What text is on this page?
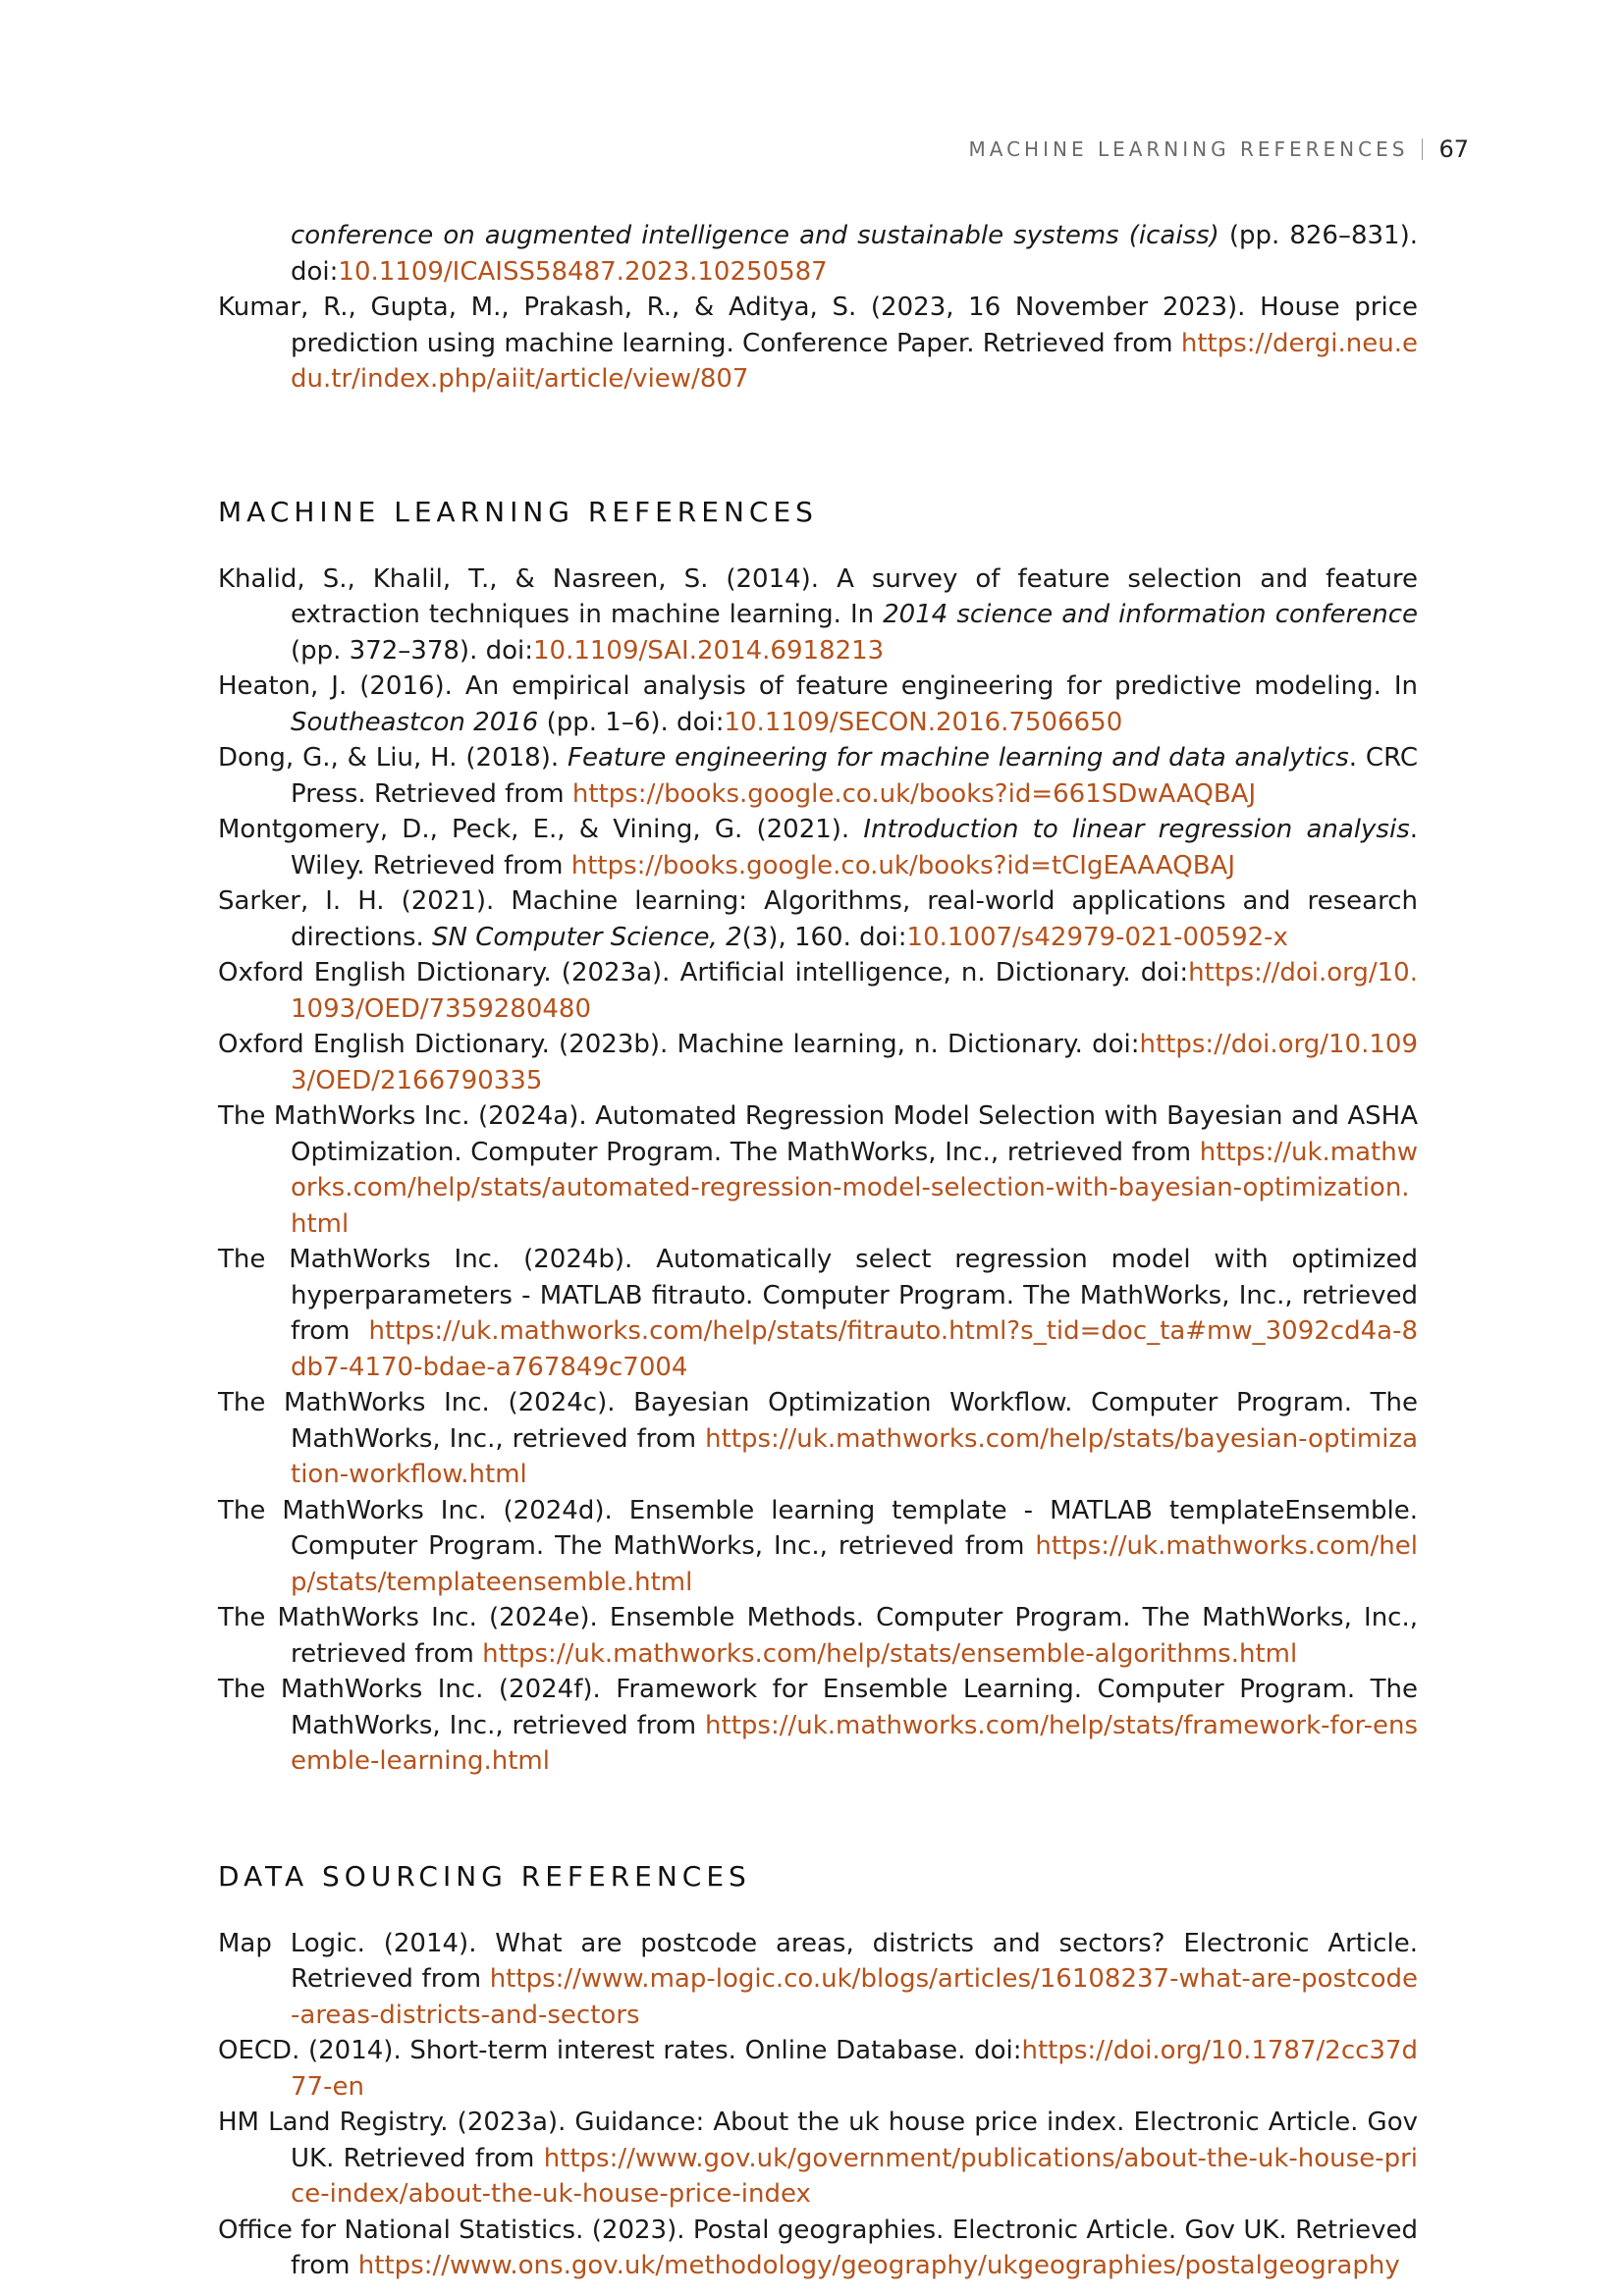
MACHINE LEARNING REFERENCES 67

conference on augmented intelligence and sustainable systems (icaiss) (pp. 826–831). doi:10.1109/ICAISS58487.2023.10250587

Kumar, R., Gupta, M., Prakash, R., & Aditya, S. (2023, 16 November 2023). House price prediction using machine learning. Conference Paper. Retrieved from https://dergi.neu.edu.tr/index.php/aiit/article/view/807

MACHINE LEARNING REFERENCES

Khalid, S., Khalil, T., & Nasreen, S. (2014). A survey of feature selection and feature extraction techniques in machine learning. In 2014 science and information conference (pp. 372–378). doi:10.1109/SAI.2014.6918213

Heaton, J. (2016). An empirical analysis of feature engineering for predictive modeling. In Southeastcon 2016 (pp. 1–6). doi:10.1109/SECON.2016.7506650

Dong, G., & Liu, H. (2018). Feature engineering for machine learning and data analytics. CRC Press. Retrieved from https://books.google.co.uk/books?id=661SDwAAQBAJ

Montgomery, D., Peck, E., & Vining, G. (2021). Introduction to linear regression analysis. Wiley. Retrieved from https://books.google.co.uk/books?id=tCIgEAAAQBAJ

Sarker, I. H. (2021). Machine learning: Algorithms, real-world applications and research directions. SN Computer Science, 2(3), 160. doi:10.1007/s42979-021-00592-x

Oxford English Dictionary. (2023a). Artificial intelligence, n. Dictionary. doi:https://doi.org/10.1093/OED/7359280480

Oxford English Dictionary. (2023b). Machine learning, n. Dictionary. doi:https://doi.org/10.1093/OED/2166790335

The MathWorks Inc. (2024a). Automated Regression Model Selection with Bayesian and ASHA Optimization. Computer Program. The MathWorks, Inc., retrieved from https://uk.mathworks.com/help/stats/automated-regression-model-selection-with-bayesian-optimization.html

The MathWorks Inc. (2024b). Automatically select regression model with optimized hyperparameters - MATLAB fitrauto. Computer Program. The MathWorks, Inc., retrieved from https://uk.mathworks.com/help/stats/fitrauto.html?s_tid=doc_ta#mw_3092cd4a-8db7-4170-bdae-a767849c7004

The MathWorks Inc. (2024c). Bayesian Optimization Workflow. Computer Program. The MathWorks, Inc., retrieved from https://uk.mathworks.com/help/stats/bayesian-optimization-workflow.html

The MathWorks Inc. (2024d). Ensemble learning template - MATLAB templateEnsemble. Computer Program. The MathWorks, Inc., retrieved from https://uk.mathworks.com/help/stats/templateensemble.html

The MathWorks Inc. (2024e). Ensemble Methods. Computer Program. The MathWorks, Inc., retrieved from https://uk.mathworks.com/help/stats/ensemble-algorithms.html

The MathWorks Inc. (2024f). Framework for Ensemble Learning. Computer Program. The MathWorks, Inc., retrieved from https://uk.mathworks.com/help/stats/framework-for-ensemble-learning.html

DATA SOURCING REFERENCES

Map Logic. (2014). What are postcode areas, districts and sectors? Electronic Article. Retrieved from https://www.map-logic.co.uk/blogs/articles/16108237-what-are-postcode-areas-districts-and-sectors

OECD. (2014). Short-term interest rates. Online Database. doi:https://doi.org/10.1787/2cc37d77-en

HM Land Registry. (2023a). Guidance: About the uk house price index. Electronic Article. Gov UK. Retrieved from https://www.gov.uk/government/publications/about-the-uk-house-price-index/about-the-uk-house-price-index

Office for National Statistics. (2023). Postal geographies. Electronic Article. Gov UK. Retrieved from https://www.ons.gov.uk/methodology/geography/ukgeographies/postalgeography
